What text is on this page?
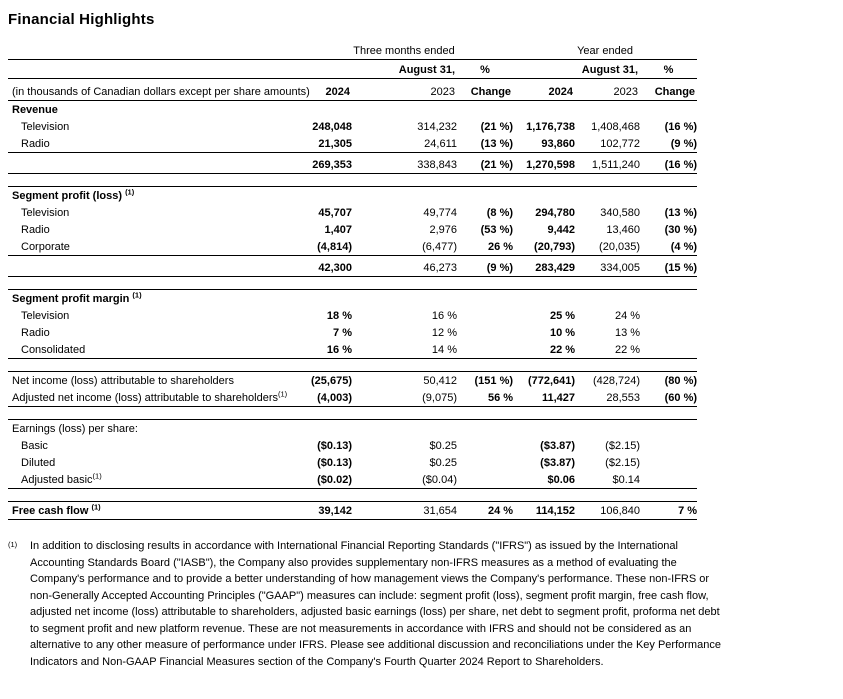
Financial Highlights
	Three months ended			Year ended		
	August 31,		%	August 31,		%
(in thousands of Canadian dollars except per share amounts)	2024	2023	Change	2024	2023	Change
Revenue						
Television	248,048	314,232	(21 %)	1,176,738	1,408,468	(16 %)
Radio	21,305	24,611	(13 %)	93,860	102,772	(9 %)
	269,353	338,843	(21 %)	1,270,598	1,511,240	(16 %)

Segment profit (loss) $^{(1)}$						
Television	45,707	49,774	(8 %)	294,780	340,580	(13 %)
Radio	1,407	2,976	(53 %)	9,442	13,460	(30 %)
Corporate	(4,814)	(6,477)	26 %	(20,793)	(20,035)	(4 %)
	42,300	46,273	(9 %)	283,429	334,005	(15 %)

Segment profit margin $^{(1)}$						
Television	18 %	16 %		25 %	24 %	
Radio	7 %	12 %		10 %	13 %	
Consolidated	16 %	14 %		22 %	22 %	

Net income (loss) attributable to shareholders	(25,675)	50,412	(151 %)	(772,641)	(428,724)	(80 %)
Adjusted net income (loss) attributable to shareholders$^{(1)}$	(4,003)	(9,075)	56 %	11,427	28,553	(60 %)

Earnings (loss) per share:						
Basic	($0.13)	$0.25		($3.87)	($2.15)	
Diluted	($0.13)	$0.25		($3.87)	($2.15)	
Adjusted basic$^{(1)}$	($0.02)	($0.04)		$0.06	$0.14	

Free cash flow $^{(1)}$	39,142	31,654	24 %	114,152	106,840	7 %
(1)	In addition to disclosing results in accordance with International Financial Reporting Standards ("IFRS") as issued by the International Accounting Standards Board ("IASB"), the Company also provides supplementary non-IFRS measures as a method of evaluating the Company's performance and to provide a better understanding of how management views the Company's performance. These non-IFRS or non-Generally Accepted Accounting Principles ("GAAP") measures can include: segment profit (loss), segment profit margin, free cash flow, adjusted net income (loss) attributable to shareholders, adjusted basic earnings (loss) per share, net debt to segment profit, proforma net debt to segment profit and new platform revenue. These are not measurements in accordance with IFRS and should not be considered as an alternative to any other measure of performance under IFRS. Please see additional discussion and reconciliations under the Key Performance Indicators and Non-GAAP Financial Measures section of the Company's Fourth Quarter 2024 Report to Shareholders.
